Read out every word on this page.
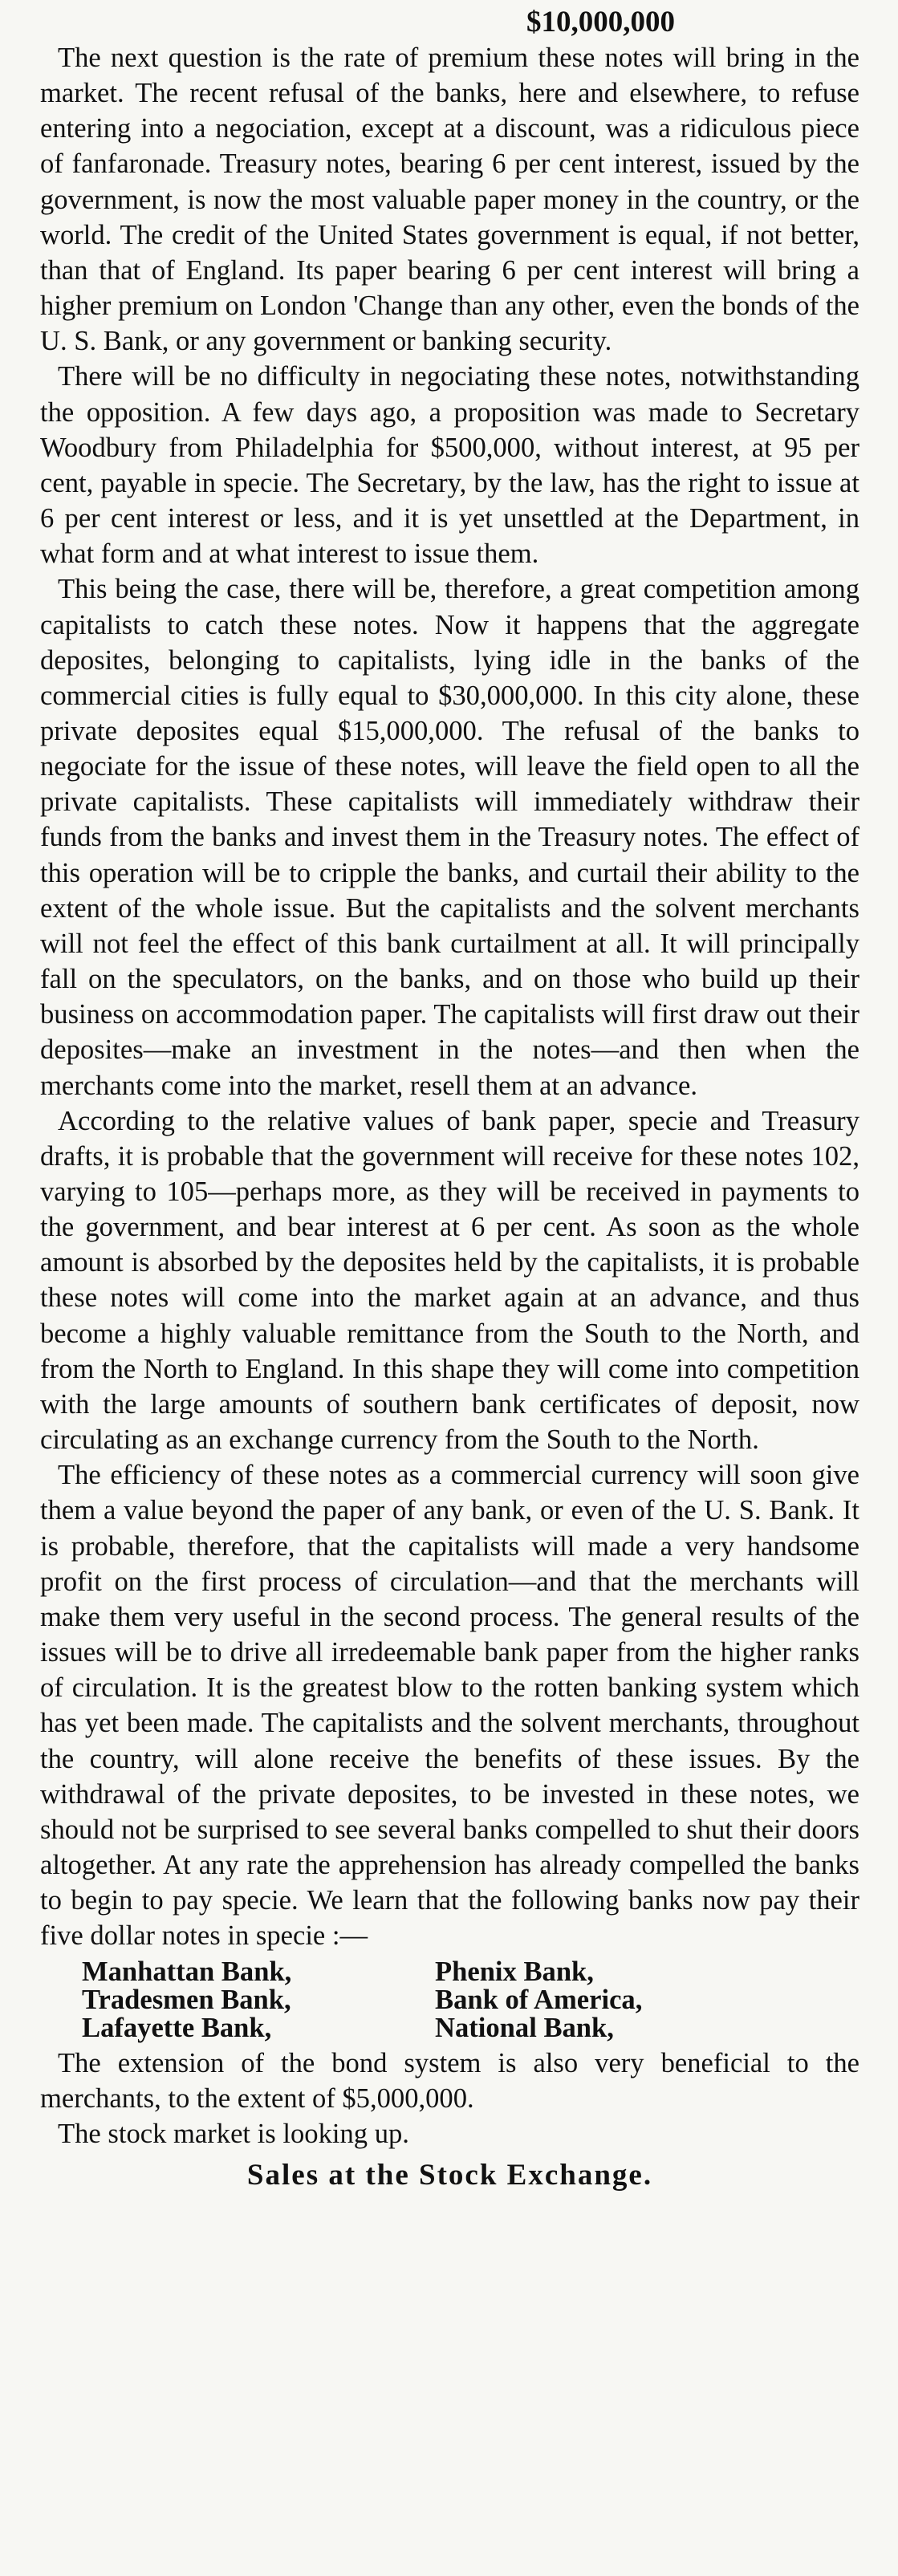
$10,000,000

The next question is the rate of premium these notes will bring in the market. The recent refusal of the banks, here and elsewhere, to refuse entering into a negociation, except at a discount, was a ridiculous piece of fanfaronade. Treasury notes, bearing 6 per cent interest, issued by the government, is now the most valuable paper money in the country, or the world. The credit of the United States government is equal, if not better, than that of England. Its paper bearing 6 per cent interest will bring a higher premium on London 'Change than any other, even the bonds of the U. S. Bank, or any government or banking security.

There will be no difficulty in negociating these notes, notwithstanding the opposition. A few days ago, a proposition was made to Secretary Woodbury from Philadelphia for $500,000, without interest, at 95 per cent, payable in specie. The Secretary, by the law, has the right to issue at 6 per cent interest or less, and it is yet unsettled at the Department, in what form and at what interest to issue them.

This being the case, there will be, therefore, a great competition among capitalists to catch these notes. Now it happens that the aggregate deposites, belonging to capitalists, lying idle in the banks of the commercial cities is fully equal to $30,000,000. In this city alone, these private deposites equal $15,000,000. The refusal of the banks to negociate for the issue of these notes, will leave the field open to all the private capitalists. These capitalists will immediately withdraw their funds from the banks and invest them in the Treasury notes. The effect of this operation will be to cripple the banks, and curtail their ability to the extent of the whole issue. But the capitalists and the solvent merchants will not feel the effect of this bank curtailment at all. It will principally fall on the speculators, on the banks, and on those who build up their business on accommodation paper. The capitalists will first draw out their deposites—make an investment in the notes—and then when the merchants come into the market, resell them at an advance.

According to the relative values of bank paper, specie and Treasury drafts, it is probable that the government will receive for these notes 102, varying to 105—perhaps more, as they will be received in payments to the government, and bear interest at 6 per cent. As soon as the whole amount is absorbed by the deposites held by the capitalists, it is probable these notes will come into the market again at an advance, and thus become a highly valuable remittance from the South to the North, and from the North to England. In this shape they will come into competition with the large amounts of southern bank certificates of deposit, now circulating as an exchange currency from the South to the North.

The efficiency of these notes as a commercial currency will soon give them a value beyond the paper of any bank, or even of the U. S. Bank. It is probable, therefore, that the capitalists will made a very handsome profit on the first process of circulation—and that the merchants will make them very useful in the second process. The general results of the issues will be to drive all irredeemable bank paper from the higher ranks of circulation. It is the greatest blow to the rotten banking system which has yet been made. The capitalists and the solvent merchants, throughout the country, will alone receive the benefits of these issues. By the withdrawal of the private deposites, to be invested in these notes, we should not be surprised to see several banks compelled to shut their doors altogether. At any rate the apprehension has already compelled the banks to begin to pay specie. We learn that the following banks now pay their five dollar notes in specie :—

Manhattan Bank,
Tradesmen Bank,
Lafayette Bank,
Phenix Bank,
Bank of America,
National Bank,

The extension of the bond system is also very beneficial to the merchants, to the extent of $5,000,000.

The stock market is looking up.

Sales at the Stock Exchange.
